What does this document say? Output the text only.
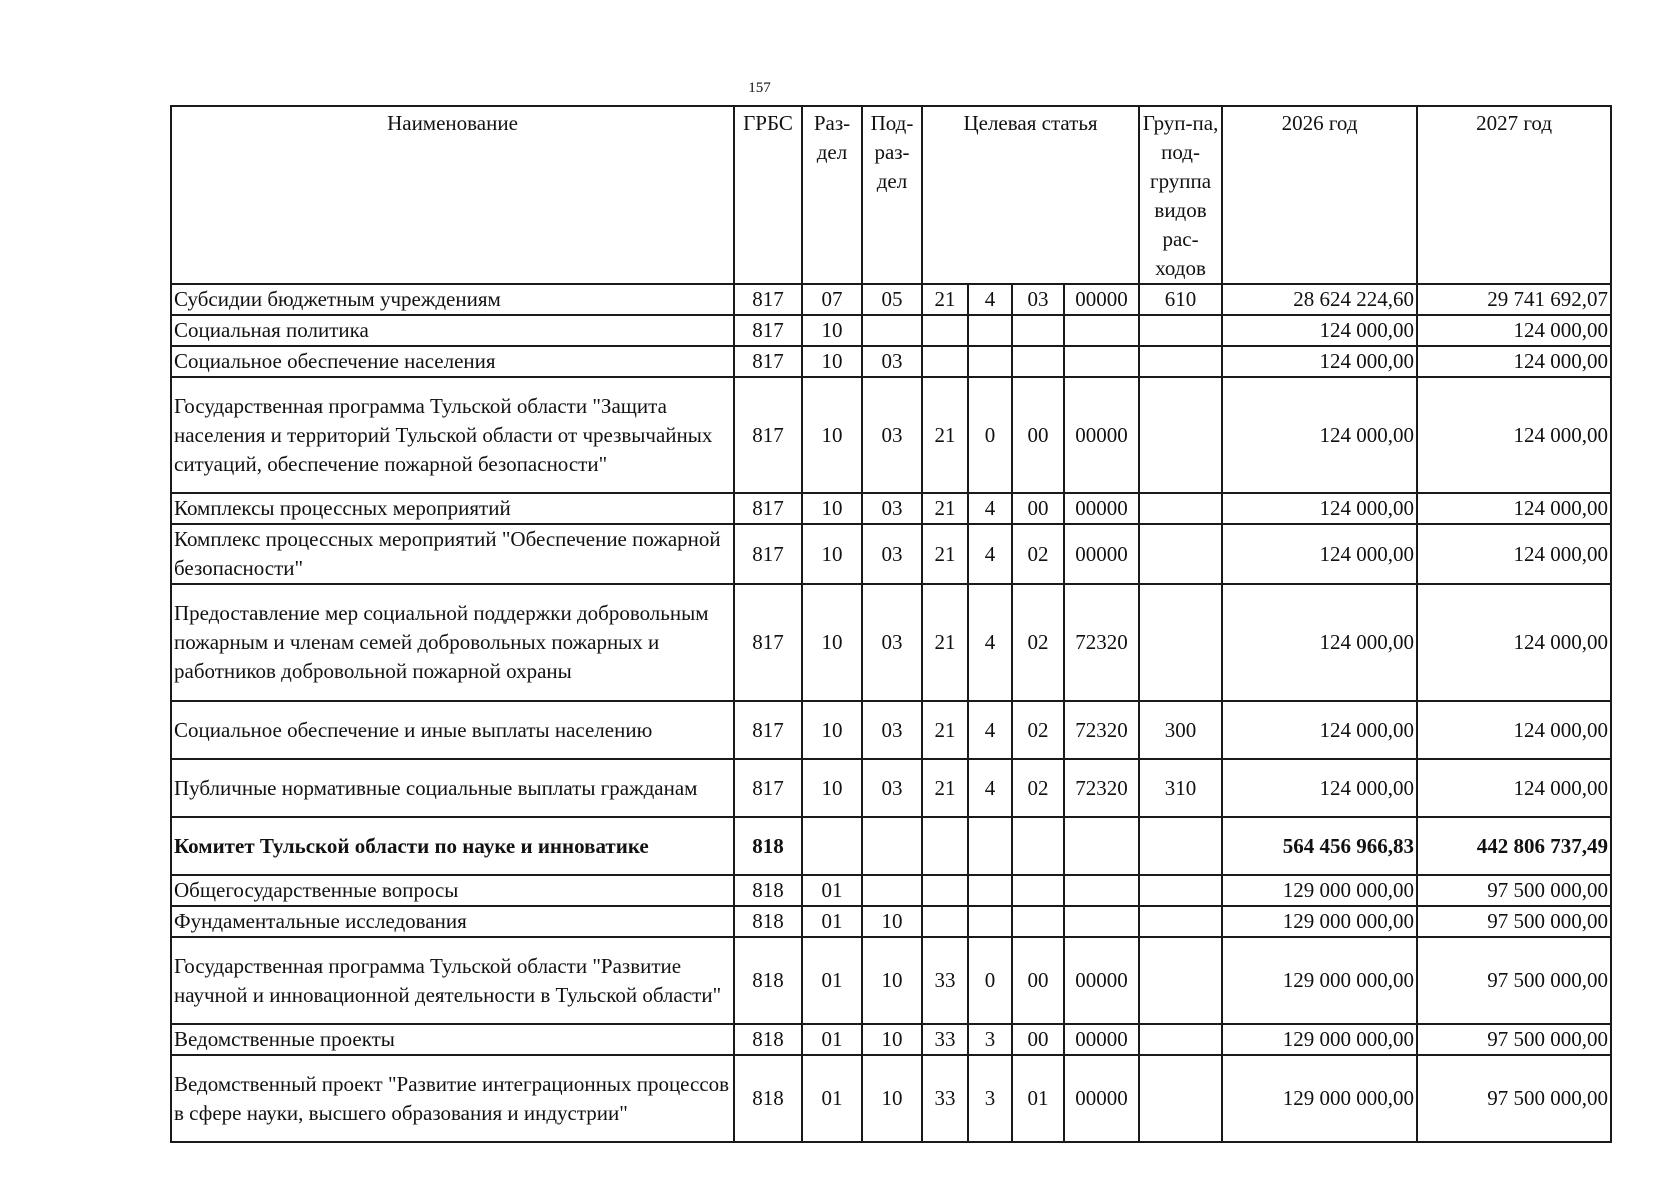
157
Наименование	ГРБС	Раз-дел	Под-раз-дел	Целевая статья				Груп-па, под-группа видов рас-ходов	2026 год	2027 год
Субсидии бюджетным учреждениям	817	07	05	21	4	03	00000	610	28 624 224,60	29 741 692,07
Социальная политика	817	10							124 000,00	124 000,00
Социальное обеспечение населения	817	10	03						124 000,00	124 000,00
Государственная программа Тульской области "Защита населения и территорий Тульской области от чрезвычайных ситуаций, обеспечение пожарной безопасности"	817	10	03	21	0	00	00000		124 000,00	124 000,00
Комплексы процессных мероприятий	817	10	03	21	4	00	00000		124 000,00	124 000,00
Комплекс процессных мероприятий "Обеспечение пожарной безопасности"	817	10	03	21	4	02	00000		124 000,00	124 000,00
Предоставление мер социальной поддержки добровольным пожарным и членам семей добровольных пожарных и работников добровольной пожарной охраны	817	10	03	21	4	02	72320		124 000,00	124 000,00
Социальное обеспечение и иные выплаты населению	817	10	03	21	4	02	72320	300	124 000,00	124 000,00
Публичные нормативные социальные выплаты гражданам	817	10	03	21	4	02	72320	310	124 000,00	124 000,00
Комитет Тульской области по науке и инноватике	818								564 456 966,83	442 806 737,49
Общегосударственные вопросы	818	01							129 000 000,00	97 500 000,00
Фундаментальные исследования	818	01	10						129 000 000,00	97 500 000,00
Государственная программа Тульской области "Развитие научной и инновационной деятельности в Тульской области"	818	01	10	33	0	00	00000		129 000 000,00	97 500 000,00
Ведомственные проекты	818	01	10	33	3	00	00000		129 000 000,00	97 500 000,00
Ведомственный проект "Развитие интеграционных процессов в сфере науки, высшего образования и индустрии"	818	01	10	33	3	01	00000		129 000 000,00	97 500 000,00
